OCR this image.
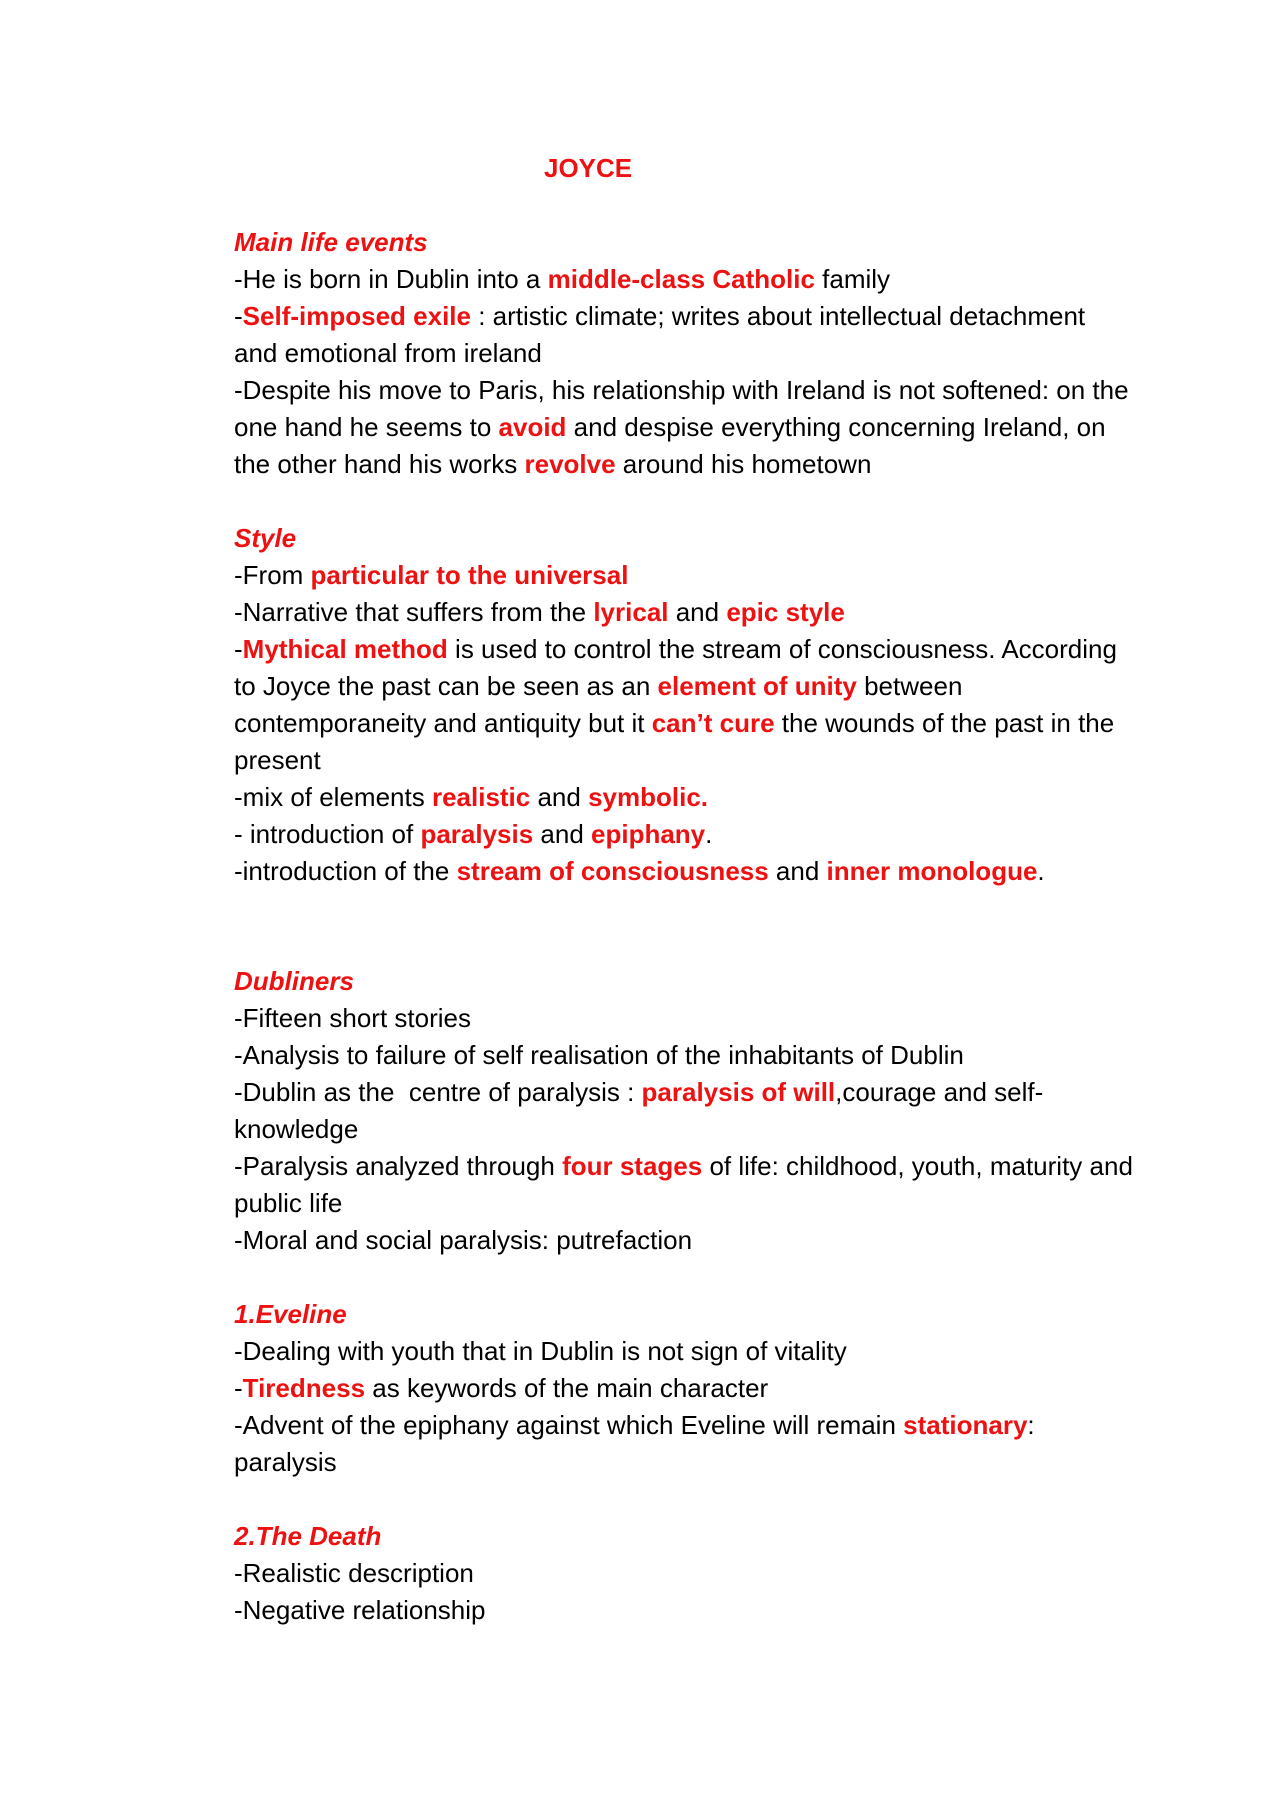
JOYCE

Main life events

-He is born in Dublin into a middle-class Catholic family

-Self-imposed exile : artistic climate; writes about intellectual detachment and emotional from ireland

-Despite his move to Paris, his relationship with Ireland is not softened: on the one hand he seems to avoid and despise everything concerning Ireland, on the other hand his works revolve around his hometown

Style

-From particular to the universal

-Narrative that suffers from the lyrical and epic style

-Mythical method is used to control the stream of consciousness. According to Joyce the past can be seen as an element of unity between contemporaneity and antiquity but it can’t cure the wounds of the past in the present

-mix of elements realistic and symbolic.

- introduction of paralysis and epiphany.

-introduction of the stream of consciousness and inner monologue.

Dubliners

-Fifteen short stories

-Analysis to failure of self realisation of the inhabitants of Dublin

-Dublin as the  centre of paralysis : paralysis of will,courage and self-knowledge

-Paralysis analyzed through four stages of life: childhood, youth, maturity and public life

-Moral and social paralysis: putrefaction

1.Eveline

-Dealing with youth that in Dublin is not sign of vitality

-Tiredness as keywords of the main character

-Advent of the epiphany against which Eveline will remain stationary: paralysis

2.The Death

-Realistic description

-Negative relationship
